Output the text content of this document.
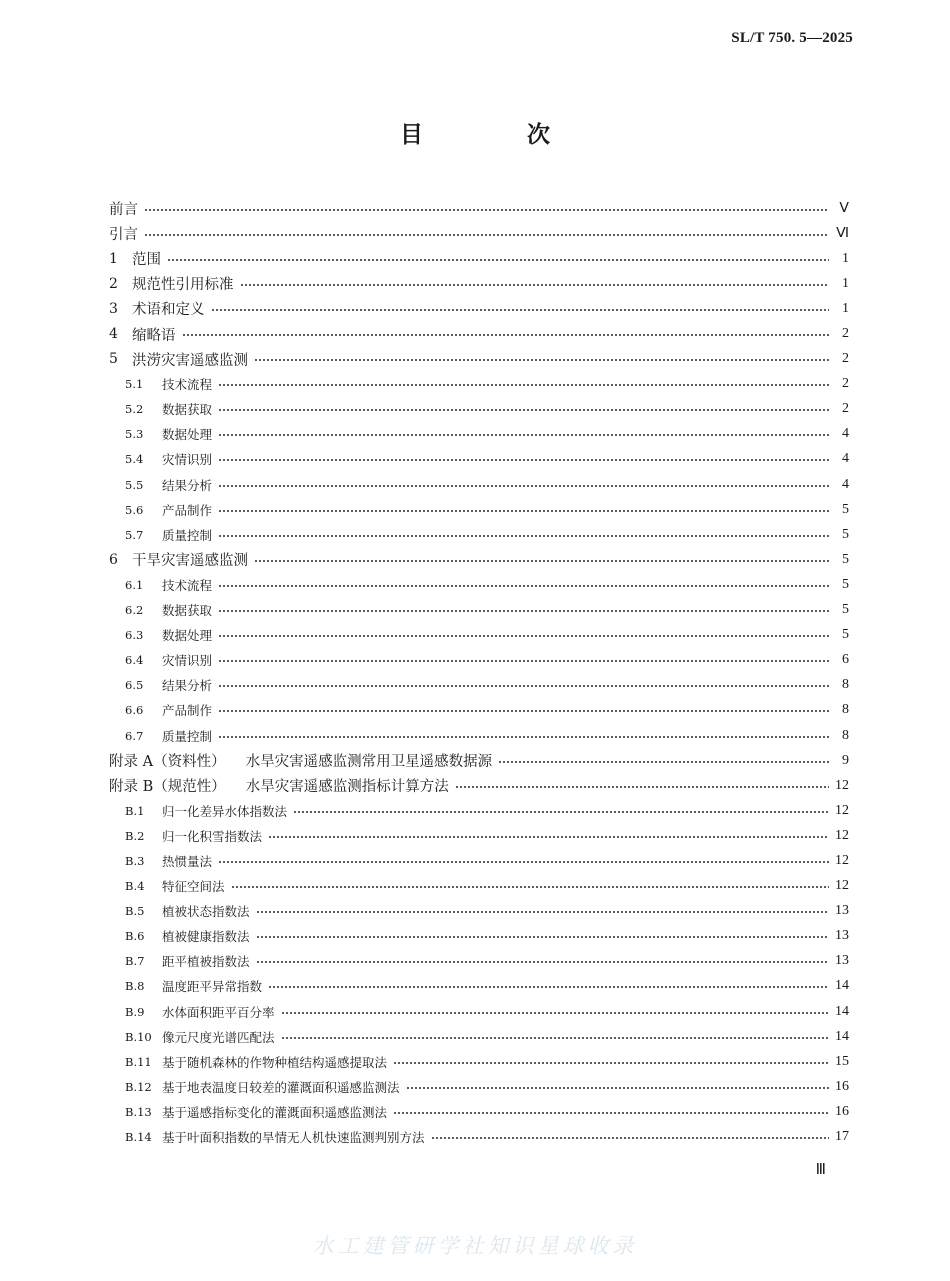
SL/T 750. 5—2025
目 次
前言	Ⅴ
引言	Ⅵ
1 范围	1
2 规范性引用标准	1
3 术语和定义	1
4 缩略语	2
5 洪涝灾害遥感监测	2
5.1	技术流程	2
5.2	数据获取	2
5.3	数据处理	4
5.4	灾情识别	4
5.5	结果分析	4
5.6	产品制作	5
5.7	质量控制	5
6 干旱灾害遥感监测	5
6.1	技术流程	5
6.2	数据获取	5
6.3	数据处理	5
6.4	灾情识别	6
6.5	结果分析	8
6.6	产品制作	8
6.7	质量控制	8
附录 A（资料性） 水旱灾害遥感监测常用卫星遥感数据源	9
附录 B（规范性） 水旱灾害遥感监测指标计算方法	12
B.1	归一化差异水体指数法	12
B.2	归一化积雪指数法	12
B.3	热惯量法	12
B.4	特征空间法	12
B.5	植被状态指数法	13
B.6	植被健康指数法	13
B.7	距平植被指数法	13
B.8	温度距平异常指数	14
B.9	水体面积距平百分率	14
B.10 像元尺度光谱匹配法	14
B.11 基于随机森林的作物种植结构遥感提取法	15
B.12 基于地表温度日较差的灌溉面积遥感监测法	16
B.13 基于遥感指标变化的灌溉面积遥感监测法	16
B.14 基于叶面积指数的旱情无人机快速监测判别方法	17
Ⅲ
水工建管研学社知识星球收录
